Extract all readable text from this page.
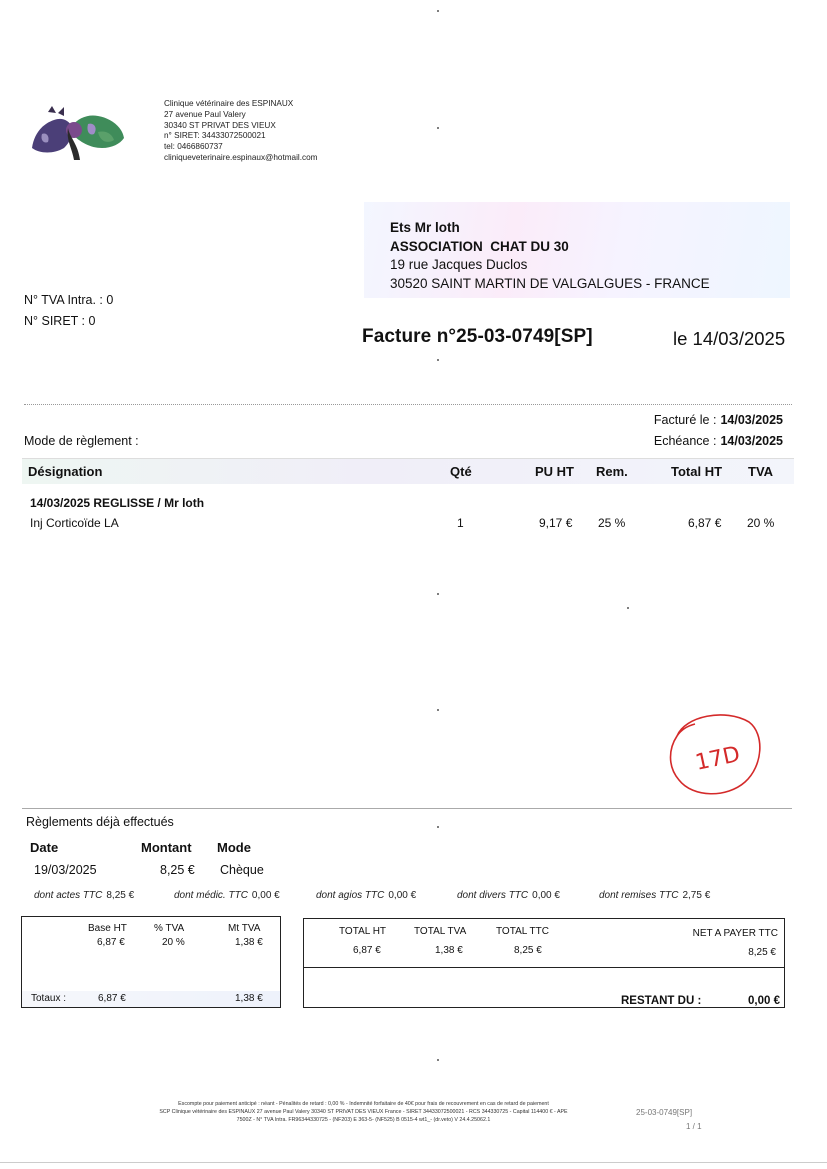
Clinique vétérinaire des ESPINAUX
27 avenue Paul Valery
30340 ST PRIVAT DES VIEUX
n° SIRET: 34433072500021
tel: 0466860737
cliniqueveterinaire.espinaux@hotmail.com
Ets Mr loth
ASSOCIATION  CHAT DU 30
19 rue Jacques Duclos
30520 SAINT MARTIN DE VALGALGUES - FRANCE
N° TVA Intra. : 0
N° SIRET : 0
Facture n°25-03-0749[SP]	le 14/03/2025
Facturé le : 14/03/2025
Echéance : 14/03/2025
Mode de règlement :
Désignation	Qté	PU HT Rem.	Total HT TVA
14/03/2025 REGLISSE / Mr loth
Inj Corticoïde LA	1	9,17 € 25 %	6,87 € 20 %
17D
Règlements déjà effectués
Date	Montant Mode
19/03/2025	8,25 € Chèque
dont actes TTC 8,25 €	dont médic. TTC 0,00 €	dont agios TTC 0,00 €	dont divers TTC 0,00 €	dont remises TTC 2,75 €
Base HT	% TVA	Mt TVA
6,87 €	20 %	1,38 €
Totaux :	6,87 €	1,38 €
TOTAL HT	TOTAL TVA	TOTAL TTC	NET A PAYER TTC
6,87 €	1,38 €	8,25 €	8,25 €
RESTANT DU :	0,00 €
Escompte pour paiement anticipé : néant - Pénalités de retard : 0,00 % - Indemnité forfaitaire de 40€ pour frais de recouvrement en cas de retard de paiement
SCP Clinique vétérinaire des ESPINAUX 27 avenue Paul Valery 30340 ST PRIVAT DES VIEUX France - SIRET 34433072500021 - RCS 344330725 - Capital 114400 € - APE
7500Z - N° TVA Intra. FR96344330725 - (NF203) E 363-5- (NF525) B 0515-4 wt1_- (dr.veto) V 24.4.25062.1
25-03-0749[SP]
1 / 1
